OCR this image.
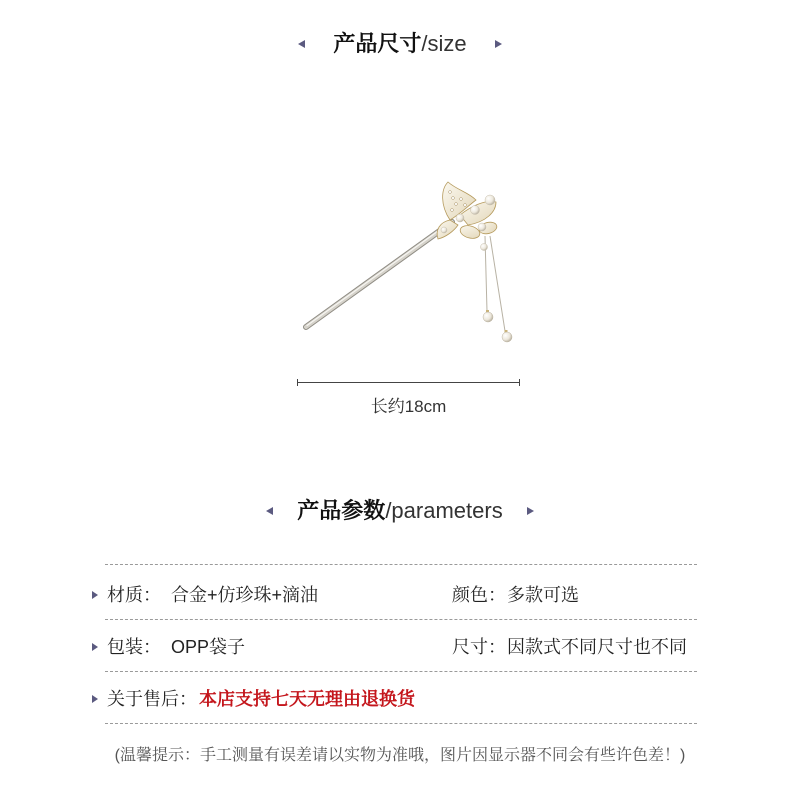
产品尺寸/size
长约18cm
产品参数/parameters
材质： 合金+仿珍珠+滴油	颜色： 多款可选
包装： OPP袋子	尺寸： 因款式不同尺寸也不同
关于售后： 本店支持七天无理由退换货
(温馨提示：手工测量有误差请以实物为准哦，图片因显示器不同会有些许色差！)
